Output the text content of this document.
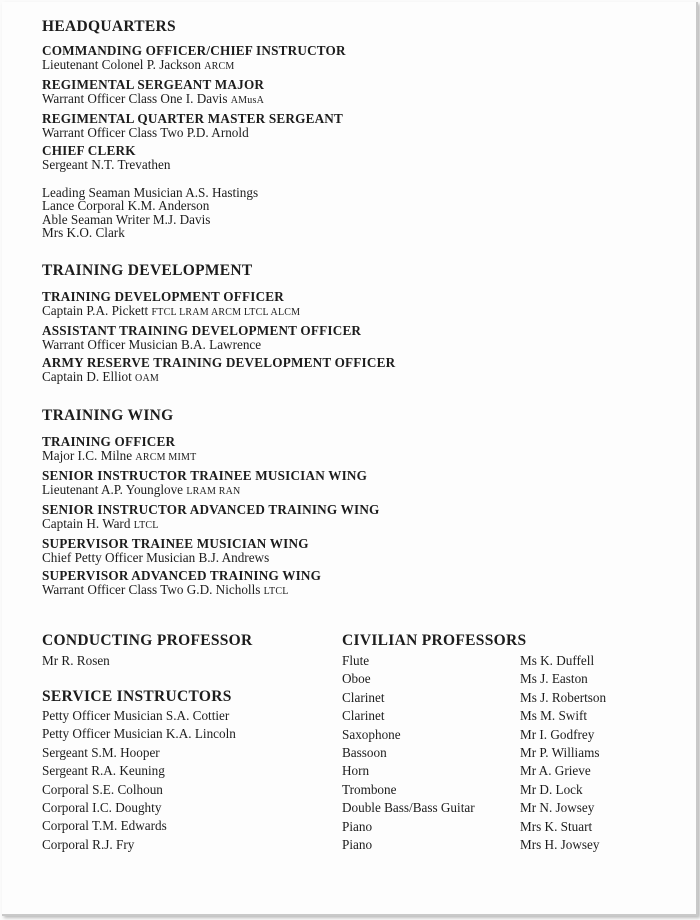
HEADQUARTERS
COMMANDING OFFICER/CHIEF INSTRUCTOR
Lieutenant Colonel P. Jackson ARCM
REGIMENTAL SERGEANT MAJOR
Warrant Officer Class One I. Davis AMusA
REGIMENTAL QUARTER MASTER SERGEANT
Warrant Officer Class Two P.D. Arnold
CHIEF CLERK
Sergeant N.T. Trevathen
Leading Seaman Musician A.S. Hastings
Lance Corporal K.M. Anderson
Able Seaman Writer M.J. Davis
Mrs K.O. Clark
TRAINING DEVELOPMENT
TRAINING DEVELOPMENT OFFICER
Captain P.A. Pickett FTCL LRAM ARCM LTCL ALCM
ASSISTANT TRAINING DEVELOPMENT OFFICER
Warrant Officer Musician B.A. Lawrence
ARMY RESERVE TRAINING DEVELOPMENT OFFICER
Captain D. Elliot OAM
TRAINING WING
TRAINING OFFICER
Major I.C. Milne ARCM MIMT
SENIOR INSTRUCTOR TRAINEE MUSICIAN WING
Lieutenant A.P. Younglove LRAM RAN
SENIOR INSTRUCTOR ADVANCED TRAINING WING
Captain H. Ward LTCL
SUPERVISOR TRAINEE MUSICIAN WING
Chief Petty Officer Musician B.J. Andrews
SUPERVISOR ADVANCED TRAINING WING
Warrant Officer Class Two G.D. Nicholls LTCL
CONDUCTING PROFESSOR
Mr R. Rosen
SERVICE INSTRUCTORS
Petty Officer Musician S.A. Cottier
Petty Officer Musician K.A. Lincoln
Sergeant S.M. Hooper
Sergeant R.A. Keuning
Corporal S.E. Colhoun
Corporal I.C. Doughty
Corporal T.M. Edwards
Corporal R.J. Fry
CIVILIAN PROFESSORS
Flute	Ms K. Duffell
Oboe	Ms J. Easton
Clarinet	Ms J. Robertson
Clarinet	Ms M. Swift
Saxophone	Mr I. Godfrey
Bassoon	Mr P. Williams
Horn	Mr A. Grieve
Trombone	Mr D. Lock
Double Bass/Bass Guitar	Mr N. Jowsey
Piano	Mrs K. Stuart
Piano	Mrs H. Jowsey
